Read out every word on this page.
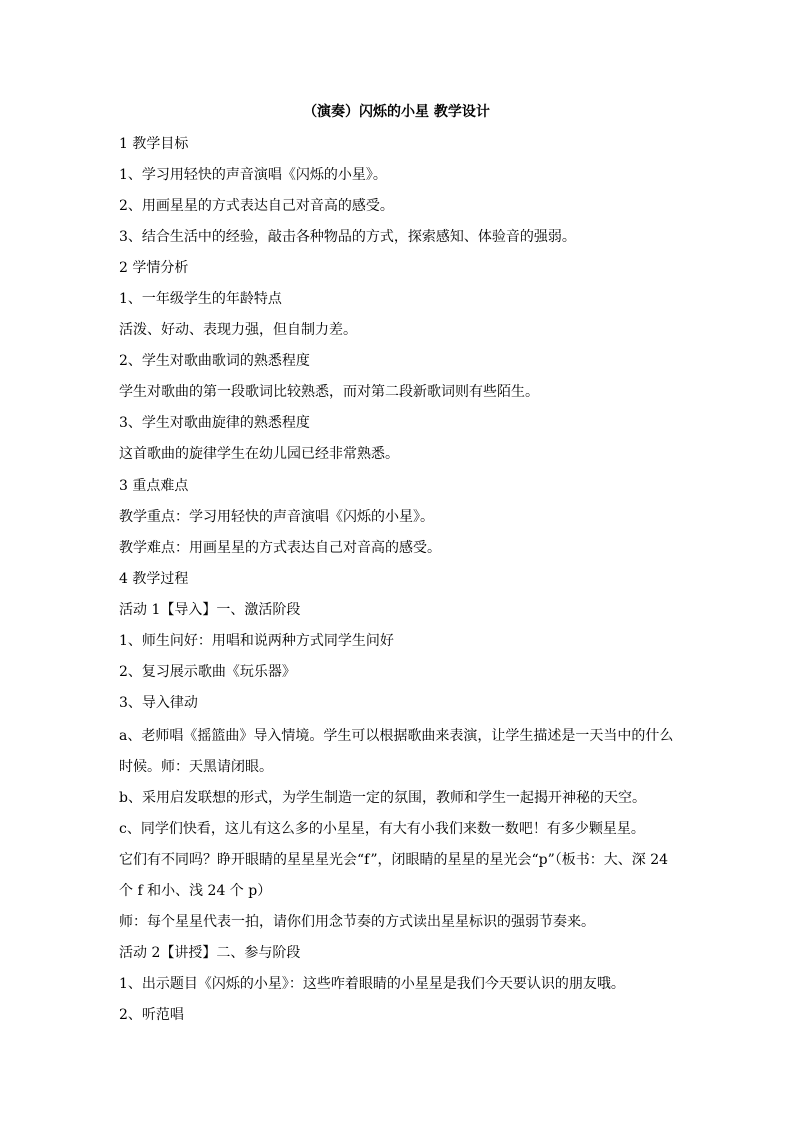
（演奏）闪烁的小星 教学设计
1 教学目标
1、学习用轻快的声音演唱《闪烁的小星》。
2、用画星星的方式表达自己对音高的感受。
3、结合生活中的经验，敲击各种物品的方式，探索感知、体验音的强弱。
2 学情分析
1、一年级学生的年龄特点
活泼、好动、表现力强，但自制力差。
2、学生对歌曲歌词的熟悉程度
学生对歌曲的第一段歌词比较熟悉，而对第二段新歌词则有些陌生。
3、学生对歌曲旋律的熟悉程度
这首歌曲的旋律学生在幼儿园已经非常熟悉。
3 重点难点
教学重点：学习用轻快的声音演唱《闪烁的小星》。
教学难点：用画星星的方式表达自己对音高的感受。
4 教学过程
活动 1【导入】一、激活阶段
1、师生问好：用唱和说两种方式同学生问好
2、复习展示歌曲《玩乐器》
3、导入律动
a、老师唱《摇篮曲》导入情境。学生可以根据歌曲来表演，让学生描述是一天当中的什么
时候。师：天黑请闭眼。
b、采用启发联想的形式，为学生制造一定的氛围，教师和学生一起揭开神秘的天空。
c、同学们快看，这儿有这么多的小星星，有大有小我们来数一数吧！有多少颗星星。
它们有不同吗？睁开眼睛的星星星光会“f”，闭眼睛的星星的星光会“p”（板书：大、深 24
个 f 和小、浅 24 个 p）
师：每个星星代表一拍，请你们用念节奏的方式读出星星标识的强弱节奏来。
活动 2【讲授】二、参与阶段
1、出示题目《闪烁的小星》：这些咋着眼睛的小星星是我们今天要认识的朋友哦。
2、听范唱
